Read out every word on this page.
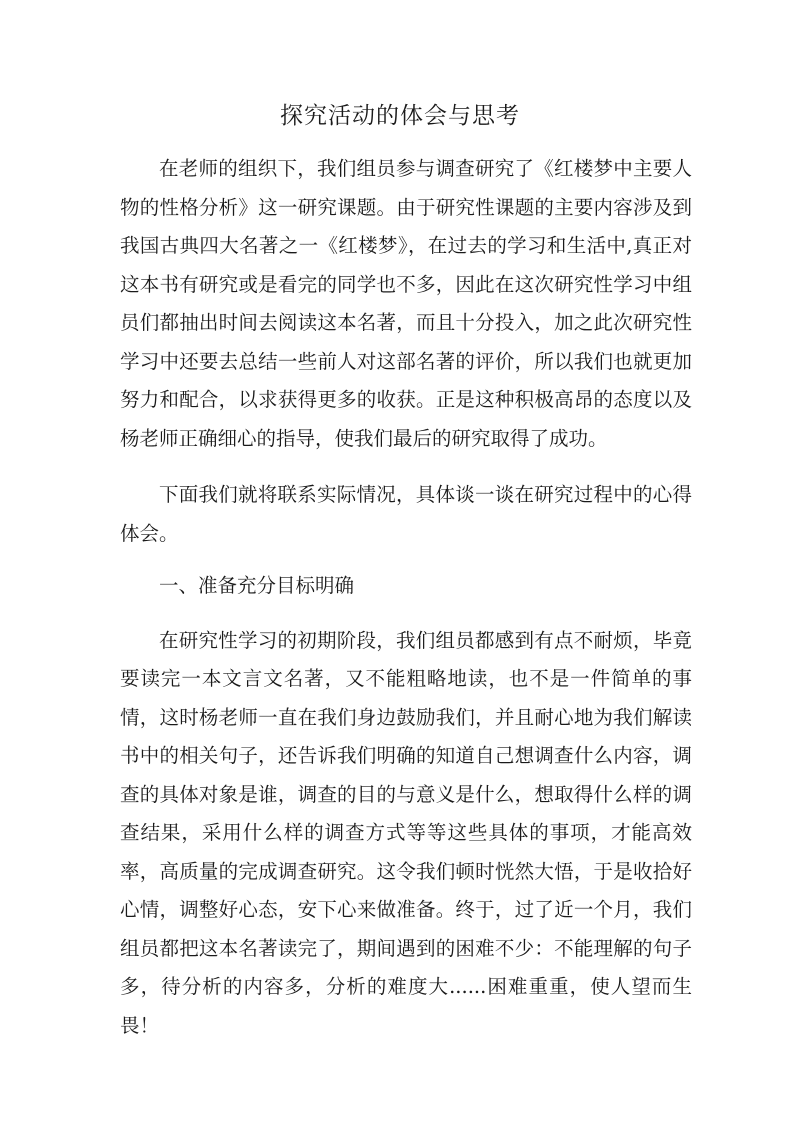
探究活动的体会与思考

在老师的组织下，我们组员参与调查研究了《红楼梦中主要人物的性格分析》这一研究课题。由于研究性课题的主要内容涉及到我国古典四大名著之一《红楼梦》，在过去的学习和生活中,真正对这本书有研究或是看完的同学也不多，因此在这次研究性学习中组员们都抽出时间去阅读这本名著，而且十分投入，加之此次研究性学习中还要去总结一些前人对这部名著的评价，所以我们也就更加努力和配合，以求获得更多的收获。正是这种积极高昂的态度以及杨老师正确细心的指导，使我们最后的研究取得了成功。

下面我们就将联系实际情况，具体谈一谈在研究过程中的心得体会。

一、准备充分目标明确

在研究性学习的初期阶段，我们组员都感到有点不耐烦，毕竟要读完一本文言文名著，又不能粗略地读，也不是一件简单的事情，这时杨老师一直在我们身边鼓励我们，并且耐心地为我们解读书中的相关句子，还告诉我们明确的知道自己想调查什么内容，调查的具体对象是谁，调查的目的与意义是什么，想取得什么样的调查结果，采用什么样的调查方式等等这些具体的事项，才能高效率，高质量的完成调查研究。这令我们顿时恍然大悟，于是收拾好心情，调整好心态，安下心来做准备。终于，过了近一个月，我们组员都把这本名著读完了，期间遇到的困难不少：不能理解的句子多，待分析的内容多，分析的难度大......困难重重，使人望而生畏！
